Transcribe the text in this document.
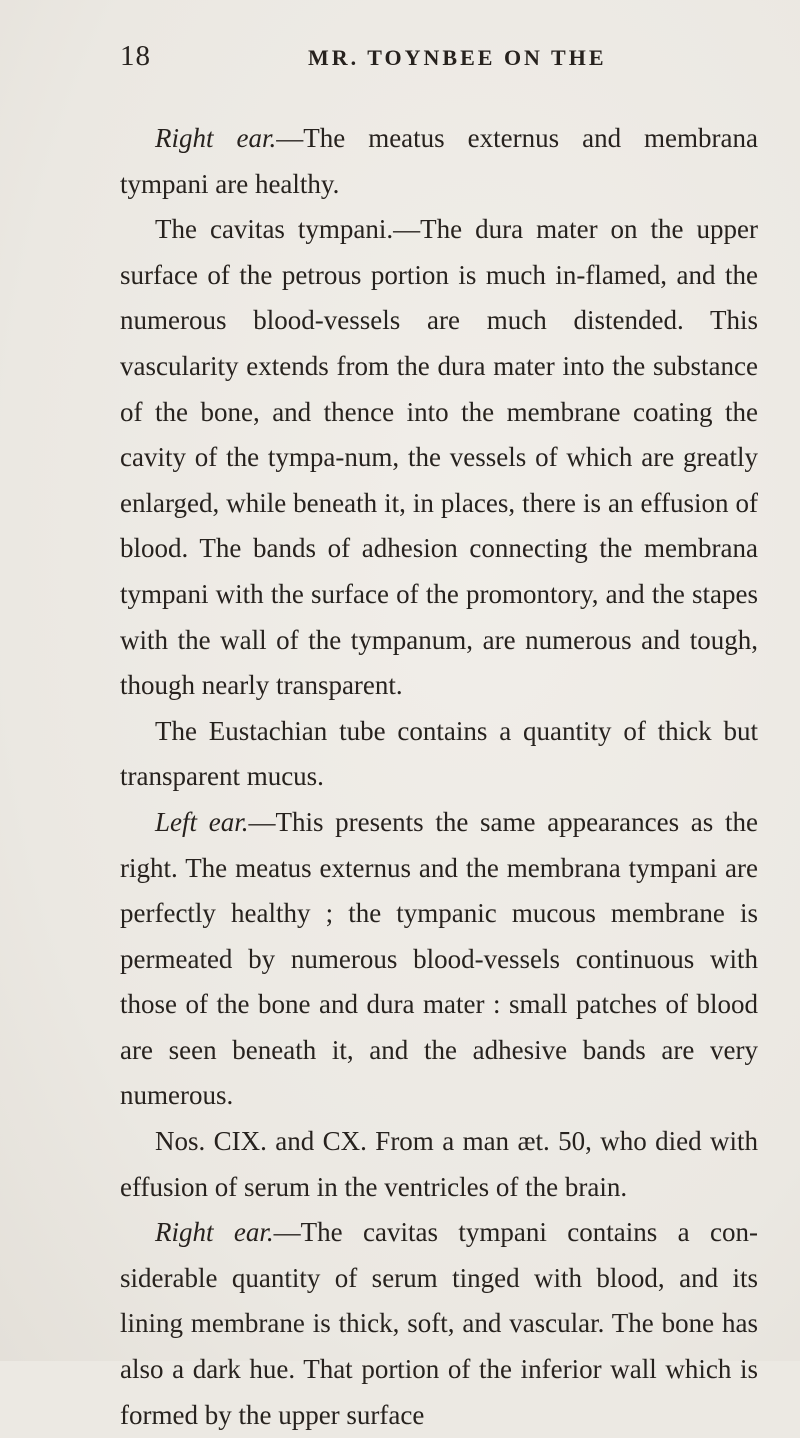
18	MR. TOYNBEE ON THE

Right ear.—The meatus externus and membrana tympani are healthy.

The cavitas tympani.—The dura mater on the upper surface of the petrous portion is much in-flamed, and the numerous blood-vessels are much distended. This vascularity extends from the dura mater into the substance of the bone, and thence into the membrane coating the cavity of the tympa-num, the vessels of which are greatly enlarged, while beneath it, in places, there is an effusion of blood. The bands of adhesion connecting the membrana tympani with the surface of the promontory, and the stapes with the wall of the tympanum, are numerous and tough, though nearly transparent.

The Eustachian tube contains a quantity of thick but transparent mucus.

Left ear.—This presents the same appearances as the right. The meatus externus and the membrana tympani are perfectly healthy ; the tympanic mucous membrane is permeated by numerous blood-vessels continuous with those of the bone and dura mater : small patches of blood are seen beneath it, and the adhesive bands are very numerous.

Nos. CIX. and CX. From a man æt. 50, who died with effusion of serum in the ventricles of the brain.

Right ear.—The cavitas tympani contains a con-siderable quantity of serum tinged with blood, and its lining membrane is thick, soft, and vascular. The bone has also a dark hue. That portion of the inferior wall which is formed by the upper surface
